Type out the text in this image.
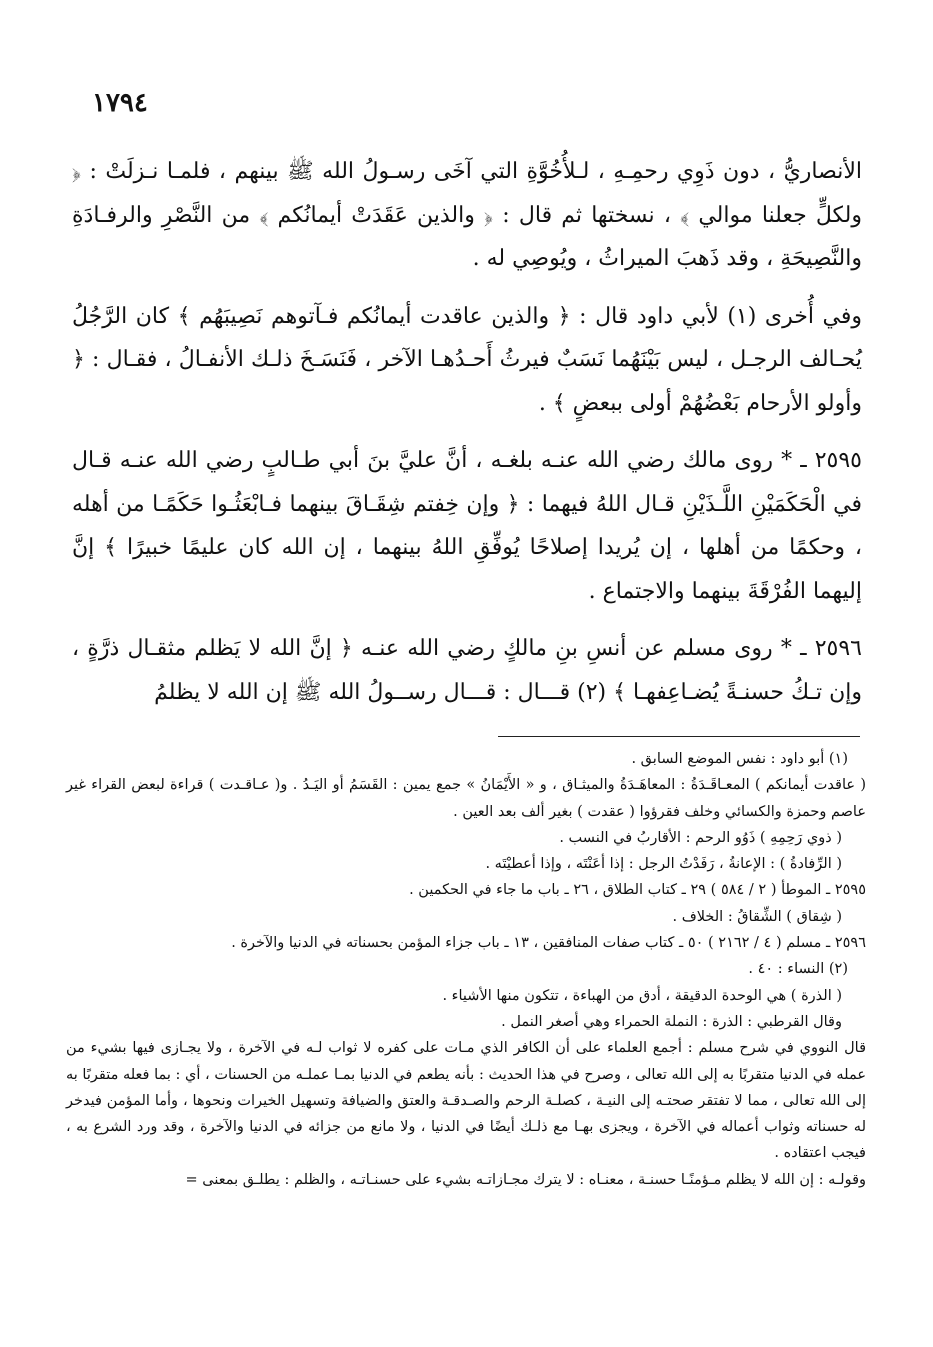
١٧٩٤

الأنصاريُّ ، دون ذَوِي رحمِـهِ ، لـلأُخُوَّةِ التي آخَى رسـولُ الله ﷺ بينهم ، فلمـا نـزلَتْ : ﴿ ولكلٍّ جعلنا موالي ﴾ ، نسختها ثم قال : ﴿ والذين عَقَدَتْ أيمانُكم ﴾ من النَّصْرِ والرفـادَةِ والنَّصِيحَةِ ، وقد ذَهبَ الميراثُ ، ويُوصِي له .

وفي أُخرى (١) لأبي داود قال : ﴿ والذين عاقدت أيمانُكم فـآتوهم نَصِيبَهُم ﴾ كان الرَّجُلُ يُحـالف الرجـل ، ليس بَيْنَهُما نَسَبٌ فيرثُ أَحـدُهـا الآخر ، فَنَسَـخَ ذلـك الأنفـالُ ، فقـال : ﴿ وأولو الأرحام بَعْضُهُمْ أولى ببعضٍ ﴾ .

٢٥٩٥ ـ * روى مالك رضي الله عنـه بلغـه ، أنَّ عليَّ بنَ أبي طـالبٍ رضي الله عنـه قـال في الْحَكَمَيْنِ اللَّـذَيْنِ قـال اللهُ فيهما : ﴿ وإن خِفتم شِقَـاقَ بينهما فـابْعَثُـوا حَكَمًـا من أهله ، وحكمًا من أهلها ، إن يُريدا إصلاحًا يُوفِّقِ اللهُ بينهما ، إن الله كان عليمًا خبيرًا ﴾ إنَّ إليهما الفُرْقَةَ بينهما والاجتماع .

٢٥٩٦ ـ * روى مسلم عن أنسِ بنِ مالكٍ رضي الله عنـه ﴿ إنَّ الله لا يَظلم مثقـال ذرَّةٍ ، وإن تـكُ حسنـةً يُضـاعِفهـا ﴾ (٢) قـــال : قـــال رســولُ الله ﷺ إن الله لا يظلمُ

(١) أبو داود : نفس الموضع السابق .
( عاقدت أيمانكم ) المعـاقَـدَةُ : المعاهَـدَةُ والميثـاق ، و « الأَيْمَانُ » جمع يمين : القَسَمُ أو اليَـدُ . و( عـاقـدت ) قراءة لبعض القراء غير عاصم وحمزة والكسائي وخلف فقرؤوا ( عقدت ) بغير ألف بعد العين .
( ذوي رَحِمِهِ ) ذَوُو الرحم : الأقاربُ في النسب .
( الرِّفادةُ ) : الإعانةُ ، رَفَدْتُ الرجل : إذا أعَنْتَه ، وإذا أعطيْتَه .
٢٥٩٥ ـ الموطأ ( ٢ / ٥٨٤ ) ٢٩ ـ كتاب الطلاق ، ٢٦ ـ باب ما جاء في الحكمين .
( شِقاق ) الشِّقاقُ : الخلاف .
٢٥٩٦ ـ مسلم ( ٤ / ٢١٦٢ ) ٥٠ ـ كتاب صفات المنافقين ، ١٣ ـ باب جزاء المؤمن بحسناته في الدنيا والآخرة .
(٢) النساء : ٤٠ .
( الذرة ) هي الوحدة الدقيقة ، أدق من الهباءة ، تتكون منها الأشياء .
وقال القرطبي : الذرة : النملة الحمراء وهي أصغر النمل .
قال النووي في شرح مسلم : أجمع العلماء على أن الكافر الذي مـات على كفره لا ثواب لـه في الآخرة ، ولا يجـازى فيها بشيء من عمله في الدنيا متقربًا به إلى الله تعالى ، وصرح في هذا الحديث : بأنه يطعم في الدنيا بمـا عملـه من الحسنات ، أي : بما فعله متقربًا به إلى الله تعالى ، مما لا تفتقر صحتـه إلى النيـة ، كصلـة الرحم والصـدقـة والعتق والضيافة وتسهيل الخيرات ونحوها ، وأما المؤمن فيدخر له حسناته وثواب أعماله في الآخرة ، ويجزى بهـا مع ذلـك أيضًا في الدنيا ، ولا مانع من جزائه في الدنيا والآخرة ، وقد ورد الشرع به ، فيجب اعتقاده .
وقولـه : إن الله لا يظلم مـؤمنًـا حسنـة ، معنـاه : لا يترك مجـازاتـه بشيء على حسنـاتـه ، والظلم : يطلـق بمعنى =
